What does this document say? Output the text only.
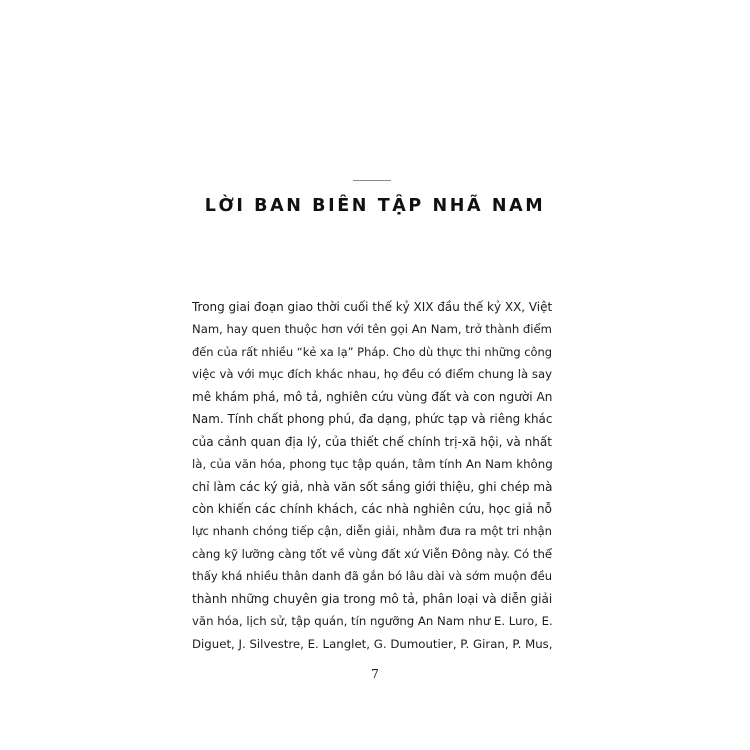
LỜI BAN BIÊN TẬP NHÃ NAM
Trong giai đoạn giao thời cuối thế kỷ XIX đầu thế kỷ XX, Việt
Nam, hay quen thuộc hơn với tên gọi An Nam, trở thành điểm
đến của rất nhiều “kẻ xa lạ” Pháp. Cho dù thực thi những công
việc và với mục đích khác nhau, họ đều có điểm chung là say
mê khám phá, mô tả, nghiên cứu vùng đất và con người An
Nam. Tính chất phong phú, đa dạng, phức tạp và riêng khác
của cảnh quan địa lý, của thiết chế chính trị-xã hội, và nhất
là, của văn hóa, phong tục tập quán, tâm tính An Nam không
chỉ làm các ký giả, nhà văn sốt sắng giới thiệu, ghi chép mà
còn khiến các chính khách, các nhà nghiên cứu, học giả nỗ
lực nhanh chóng tiếp cận, diễn giải, nhằm đưa ra một tri nhận
càng kỹ lưỡng càng tốt về vùng đất xứ Viễn Đông này. Có thể
thấy khá nhiều thân danh đã gắn bó lâu dài và sớm muộn đều
thành những chuyên gia trong mô tả, phân loại và diễn giải
văn hóa, lịch sử, tập quán, tín ngưỡng An Nam như E. Luro, E.
Diguet, J. Silvestre, E. Langlet, G. Dumoutier, P. Giran, P. Mus,
7
